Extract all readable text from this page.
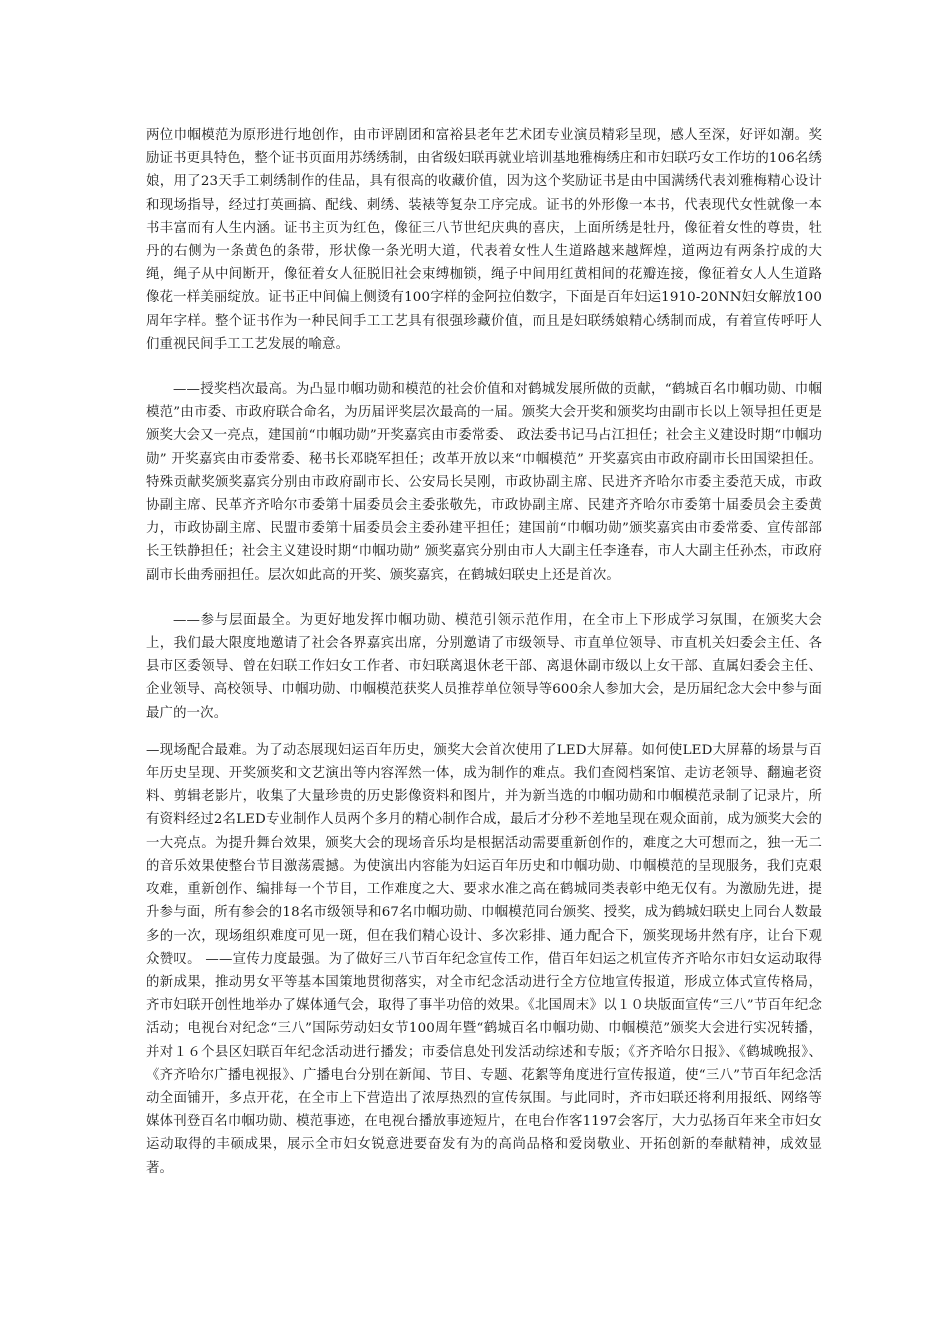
两位巾帼模范为原形进行地创作，由市评剧团和富裕县老年艺术团专业演员精彩呈现，感人至深，好评如潮。奖励证书更具特色，整个证书页面用苏绣绣制，由省级妇联再就业培训基地雅梅绣庄和市妇联巧女工作坊的106名绣娘，用了23天手工刺绣制作的佳品，具有很高的收藏价值，因为这个奖励证书是由中国满绣代表刘雅梅精心设计和现场指导，经过打英画搞、配线、刺绣、装裱等复杂工序完成。证书的外形像一本书，代表现代女性就像一本书丰富而有人生内涵。证书主页为红色，像征三八节世纪庆典的喜庆，上面所绣是牡丹，像征着女性的尊贵，牡丹的右侧为一条黄色的条带，形状像一条光明大道，代表着女性人生道路越来越辉煌，道两边有两条拧成的大绳，绳子从中间断开，像征着女人征脱旧社会束缚枷锁，绳子中间用红黄相间的花瓣连接，像征着女人人生道路像花一样美丽绽放。证书正中间偏上侧烫有100字样的金阿拉伯数字，下面是百年妇运1910-20NN妇女解放100周年字样。整个证书作为一种民间手工工艺具有很强珍藏价值，而且是妇联绣娘精心绣制而成，有着宣传呼吁人们重视民间手工工艺发展的喻意。

——授奖档次最高。为凸显巾帼功勋和模范的社会价值和对鹤城发展所做的贡献，“鹤城百名巾帼功勋、巾帼模范”由市委、市政府联合命名，为历届评奖层次最高的一届。颁奖大会开奖和颁奖均由副市长以上领导担任更是颁奖大会又一亮点，建国前“巾帼功勋”开奖嘉宾由市委常委、 政法委书记马占江担任；社会主义建设时期“巾帼功勋” 开奖嘉宾由市委常委、秘书长邓晓军担任；改革开放以来“巾帼模范” 开奖嘉宾由市政府副市长田国梁担任。特殊贡献奖颁奖嘉宾分别由市政府副市长、公安局长吴刚，市政协副主席、民进齐齐哈尔市委主委范天成，市政协副主席、民革齐齐哈尔市委第十届委员会主委张敬先，市政协副主席、民建齐齐哈尔市委第十届委员会主委黄力，市政协副主席、民盟市委第十届委员会主委孙建平担任；建国前“巾帼功勋”颁奖嘉宾由市委常委、宣传部部长王铁静担任；社会主义建设时期“巾帼功勋” 颁奖嘉宾分别由市人大副主任李逢春，市人大副主任孙杰，市政府副市长曲秀丽担任。层次如此高的开奖、颁奖嘉宾，在鹤城妇联史上还是首次。

——参与层面最全。为更好地发挥巾帼功勋、模范引领示范作用，在全市上下形成学习氛围，在颁奖大会上，我们最大限度地邀请了社会各界嘉宾出席，分别邀请了市级领导、市直单位领导、市直机关妇委会主任、各县市区委领导、曾在妇联工作妇女工作者、市妇联离退休老干部、离退休副市级以上女干部、直属妇委会主任、企业领导、高校领导、巾帼功勋、巾帼模范获奖人员推荐单位领导等600余人参加大会，是历届纪念大会中参与面最广的一次。

—现场配合最难。为了动态展现妇运百年历史，颁奖大会首次使用了LED大屏幕。如何使LED大屏幕的场景与百年历史呈现、开奖颁奖和文艺演出等内容浑然一体，成为制作的难点。我们查阅档案馆、走访老领导、翻遍老资料、剪辑老影片，收集了大量珍贵的历史影像资料和图片，并为新当选的巾帼功勋和巾帼模范录制了记录片，所有资料经过2名LED专业制作人员两个多月的精心制作合成，最后才分秒不差地呈现在观众面前，成为颁奖大会的一大亮点。为提升舞台效果，颁奖大会的现场音乐均是根据活动需要重新创作的，难度之大可想而之，独一无二的音乐效果使整台节目激荡震撼。为使演出内容能为妇运百年历史和巾帼功勋、巾帼模范的呈现服务，我们克艰攻难，重新创作、编排每一个节目，工作难度之大、要求水准之高在鹤城同类表彰中绝无仅有。为激励先进，提升参与面，所有参会的18名市级领导和67名巾帼功勋、巾帼模范同台颁奖、授奖，成为鹤城妇联史上同台人数最多的一次，现场组织难度可见一斑，但在我们精心设计、多次彩排、通力配合下，颁奖现场井然有序，让台下观众赞叹。 ——宣传力度最强。为了做好三八节百年纪念宣传工作，借百年妇运之机宣传齐齐哈尔市妇女运动取得的新成果，推动男女平等基本国策地贯彻落实，对全市纪念活动进行全方位地宣传报道，形成立体式宣传格局，齐市妇联开创性地举办了媒体通气会，取得了事半功倍的效果。《北国周末》以１０块版面宣传“三八”节百年纪念活动；电视台对纪念“三八”国际劳动妇女节100周年暨“鹤城百名巾帼功勋、巾帼模范”颁奖大会进行实况转播，并对１６个县区妇联百年纪念活动进行播发；市委信息处刊发活动综述和专版；《齐齐哈尔日报》、《鹤城晚报》、《齐齐哈尔广播电视报》、广播电台分别在新闻、节目、专题、花絮等角度进行宣传报道，使“三八”节百年纪念活动全面铺开，多点开花，在全市上下营造出了浓厚热烈的宣传氛围。与此同时，齐市妇联还将利用报纸、网络等媒体刊登百名巾帼功勋、模范事迹，在电视台播放事迹短片，在电台作客1197会客厅，大力弘扬百年来全市妇女运动取得的丰硕成果，展示全市妇女锐意进要奋发有为的高尚品格和爱岗敬业、开拓创新的奉献精神，成效显著。
